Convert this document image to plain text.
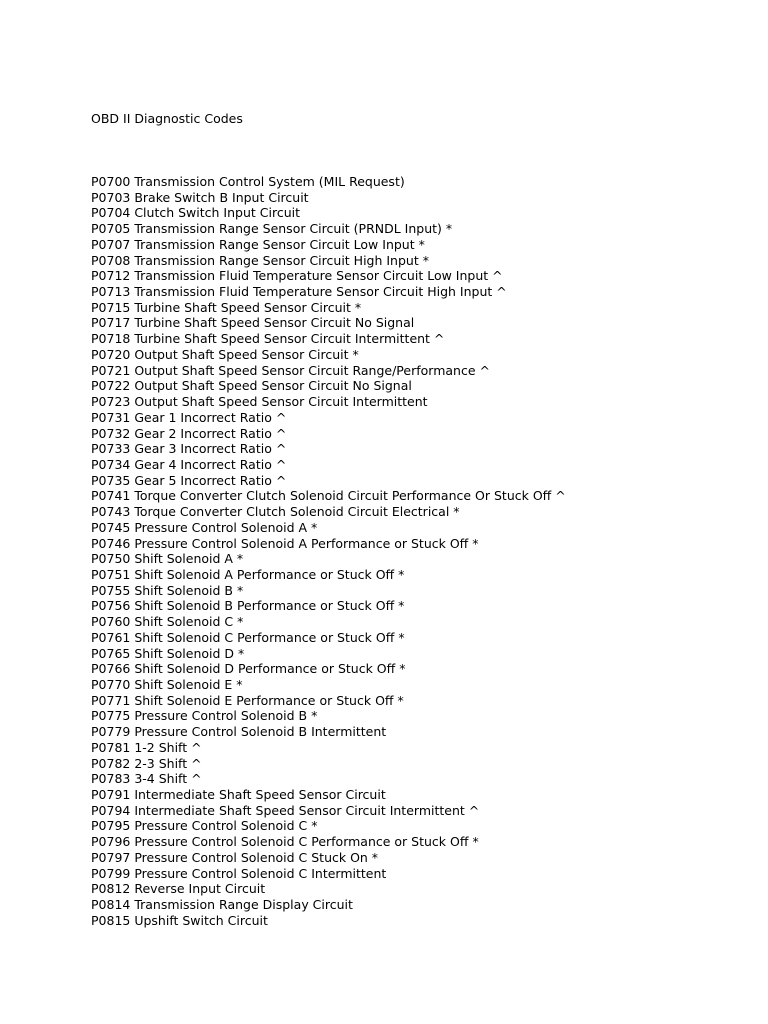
OBD II Diagnostic Codes
P0700 Transmission Control System (MIL Request)
P0703 Brake Switch B Input Circuit
P0704 Clutch Switch Input Circuit
P0705 Transmission Range Sensor Circuit (PRNDL Input) *
P0707 Transmission Range Sensor Circuit Low Input *
P0708 Transmission Range Sensor Circuit High Input *
P0712 Transmission Fluid Temperature Sensor Circuit Low Input ^
P0713 Transmission Fluid Temperature Sensor Circuit High Input ^
P0715 Turbine Shaft Speed Sensor Circuit *
P0717 Turbine Shaft Speed Sensor Circuit No Signal
P0718 Turbine Shaft Speed Sensor Circuit Intermittent ^
P0720 Output Shaft Speed Sensor Circuit *
P0721 Output Shaft Speed Sensor Circuit Range/Performance ^
P0722 Output Shaft Speed Sensor Circuit No Signal
P0723 Output Shaft Speed Sensor Circuit Intermittent
P0731 Gear 1 Incorrect Ratio ^
P0732 Gear 2 Incorrect Ratio ^
P0733 Gear 3 Incorrect Ratio ^
P0734 Gear 4 Incorrect Ratio ^
P0735 Gear 5 Incorrect Ratio ^
P0741 Torque Converter Clutch Solenoid Circuit Performance Or Stuck Off ^
P0743 Torque Converter Clutch Solenoid Circuit Electrical *
P0745 Pressure Control Solenoid A *
P0746 Pressure Control Solenoid A Performance or Stuck Off *
P0750 Shift Solenoid A *
P0751 Shift Solenoid A Performance or Stuck Off *
P0755 Shift Solenoid B *
P0756 Shift Solenoid B Performance or Stuck Off *
P0760 Shift Solenoid C *
P0761 Shift Solenoid C Performance or Stuck Off *
P0765 Shift Solenoid D *
P0766 Shift Solenoid D Performance or Stuck Off *
P0770 Shift Solenoid E *
P0771 Shift Solenoid E Performance or Stuck Off *
P0775 Pressure Control Solenoid B *
P0779 Pressure Control Solenoid B Intermittent
P0781 1-2 Shift ^
P0782 2-3 Shift ^
P0783 3-4 Shift ^
P0791 Intermediate Shaft Speed Sensor Circuit
P0794 Intermediate Shaft Speed Sensor Circuit Intermittent ^
P0795 Pressure Control Solenoid C *
P0796 Pressure Control Solenoid C Performance or Stuck Off *
P0797 Pressure Control Solenoid C Stuck On *
P0799 Pressure Control Solenoid C Intermittent
P0812 Reverse Input Circuit
P0814 Transmission Range Display Circuit
P0815 Upshift Switch Circuit
